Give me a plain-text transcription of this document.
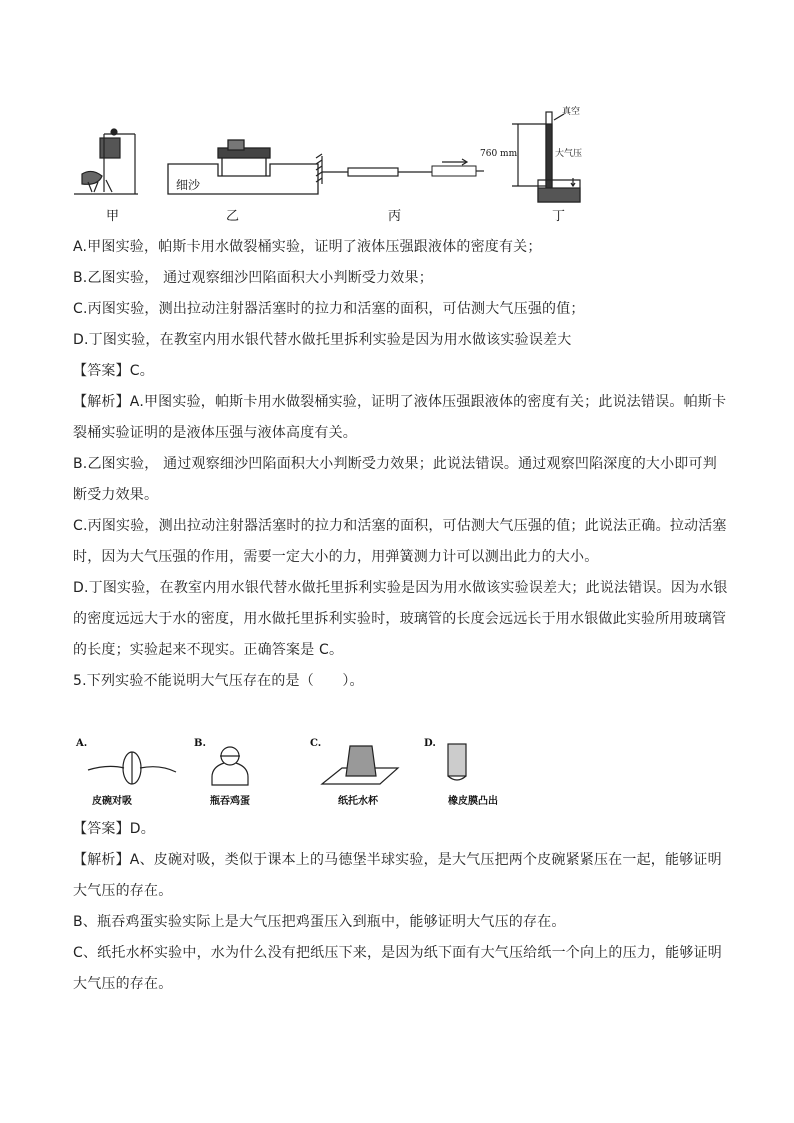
甲
细沙
乙	丙
760 mm
真空
大气压
丁

A.甲图实验，帕斯卡用水做裂桶实验，证明了液体压强跟液体的密度有关；

B.乙图实验， 通过观察细沙凹陷面积大小判断受力效果；

C.丙图实验，测出拉动注射器活塞时的拉力和活塞的面积，可估测大气压强的值；

D.丁图实验，在教室内用水银代替水做托里拆利实验是因为用水做该实验误差大

【答案】C。

【解析】A.甲图实验，帕斯卡用水做裂桶实验，证明了液体压强跟液体的密度有关；此说法错误。帕斯卡裂桶实验证明的是液体压强与液体高度有关。

B.乙图实验， 通过观察细沙凹陷面积大小判断受力效果；此说法错误。通过观察凹陷深度的大小即可判断受力效果。

C.丙图实验，测出拉动注射器活塞时的拉力和活塞的面积，可估测大气压强的值；此说法正确。拉动活塞时，因为大气压强的作用，需要一定大小的力，用弹簧测力计可以测出此力的大小。

D.丁图实验，在教室内用水银代替水做托里拆利实验是因为用水做该实验误差大；此说法错误。因为水银的密度远远大于水的密度，用水做托里拆利实验时，玻璃管的长度会远远长于用水银做此实验所用玻璃管的长度；实验起来不现实。正确答案是 C。

5.下列实验不能说明大气压存在的是（　　）。

A.	B.	C.	D.
皮碗对吸	瓶吞鸡蛋	纸托水杯	橡皮膜凸出

【答案】D。

【解析】A、皮碗对吸，类似于课本上的马德堡半球实验，是大气压把两个皮碗紧紧压在一起，能够证明大气压的存在。

B、瓶吞鸡蛋实验实际上是大气压把鸡蛋压入到瓶中，能够证明大气压的存在。

C、纸托水杯实验中，水为什么没有把纸压下来，是因为纸下面有大气压给纸一个向上的压力，能够证明大气压的存在。
